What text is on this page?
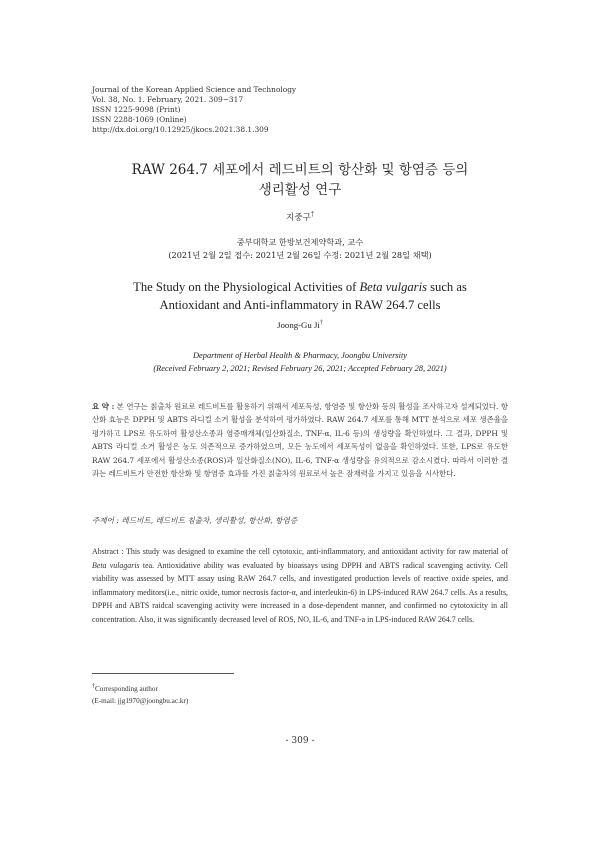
Journal of the Korean Applied Science and Technology
Vol. 38, No. 1. February, 2021. 309~317
ISSN 1225-9098 (Print)
ISSN 2288-1069 (Online)
http://dx.doi.org/10.12925/jkocs.2021.38.1.309
RAW 264.7 세포에서 레드비트의 항산화 및 항염증 등의
생리활성 연구
지중구†
중부대학교 한방보건제약학과, 교수
(2021년 2월 2일 접수: 2021년 2월 26일 수정: 2021년 2월 28일 채택)
The Study on the Physiological Activities of Beta vulgaris such as
Antioxidant and Anti-inflammatory in RAW 264.7 cells
Joong-Gu Ji†
Department of Herbal Health & Pharmacy, Joongbu University
(Received February 2, 2021; Revised February 26, 2021; Accepted February 28, 2021)
요 약 : 본 연구는 칡출차 원료로 레드비트를 활용하기 위해서 세포독성, 항염증 및 항산화 등의 활성을 조사하고자 설계되었다. 항산화 효능은 DPPH 및 ABTS 라디컬 소거 활성을 분석하여 평가하였다. RAW 264.7 세포를 통해 MTT 분석으로 세포 생존율을 평가하고 LPS로 유도하여 활성산소종과 염증매개체(일산화질소, TNF-α, IL-6 등)의 생성량을 확인하였다. 그 결과, DPPH 및 ABTS 라디컬 소거 활성은 농도 의존적으로 증가하였으며, 모든 농도에서 세포독성이 없음을 확인하였다. 또한, LPS로 유도한 RAW 264.7 세포에서 활성산소종(ROS)과 일산화질소(NO), IL-6, TNF-α 생성량을 유의적으로 감소시켰다. 따라서 이러한 결과는 레드비트가 안전한 항산화 및 항염증 효과를 가진 칡출차의 원료로서 높은 잠재력을 가지고 있음을 시사한다.
주제어 : 레드비트, 레드비트 침출차, 생리활성, 항산화, 항염증
Abstract : This study was designed to examine the cell cytotoxic, anti-inflammatory, and antioxidant activity for raw material of Beta vulagaris tea. Antioxidative ability was evaluated by bioassays using DPPH and ABTS radical scavenging activity. Cell viability was assessed by MTT assay using RAW 264.7 cells, and investigated production levels of reactive oxide speies, and inflammatory meditors(i.e., nitric oxide, tumor necrosis factor-α, and interleukin-6) in LPS-induced RAW 264.7 cells. As a results, DPPH and ABTS raidcal scavenging activity were increased in a dose-dependent manner, and confirmed no cytotoxicity in all concentration. Also, it was significantly decreased level of ROS, NO, IL-6, and TNF-a in LPS-induced RAW 264.7 cells.
†Corresponding author
(E-mail: jjg1970@joongbu.ac.kr)
- 309 -
